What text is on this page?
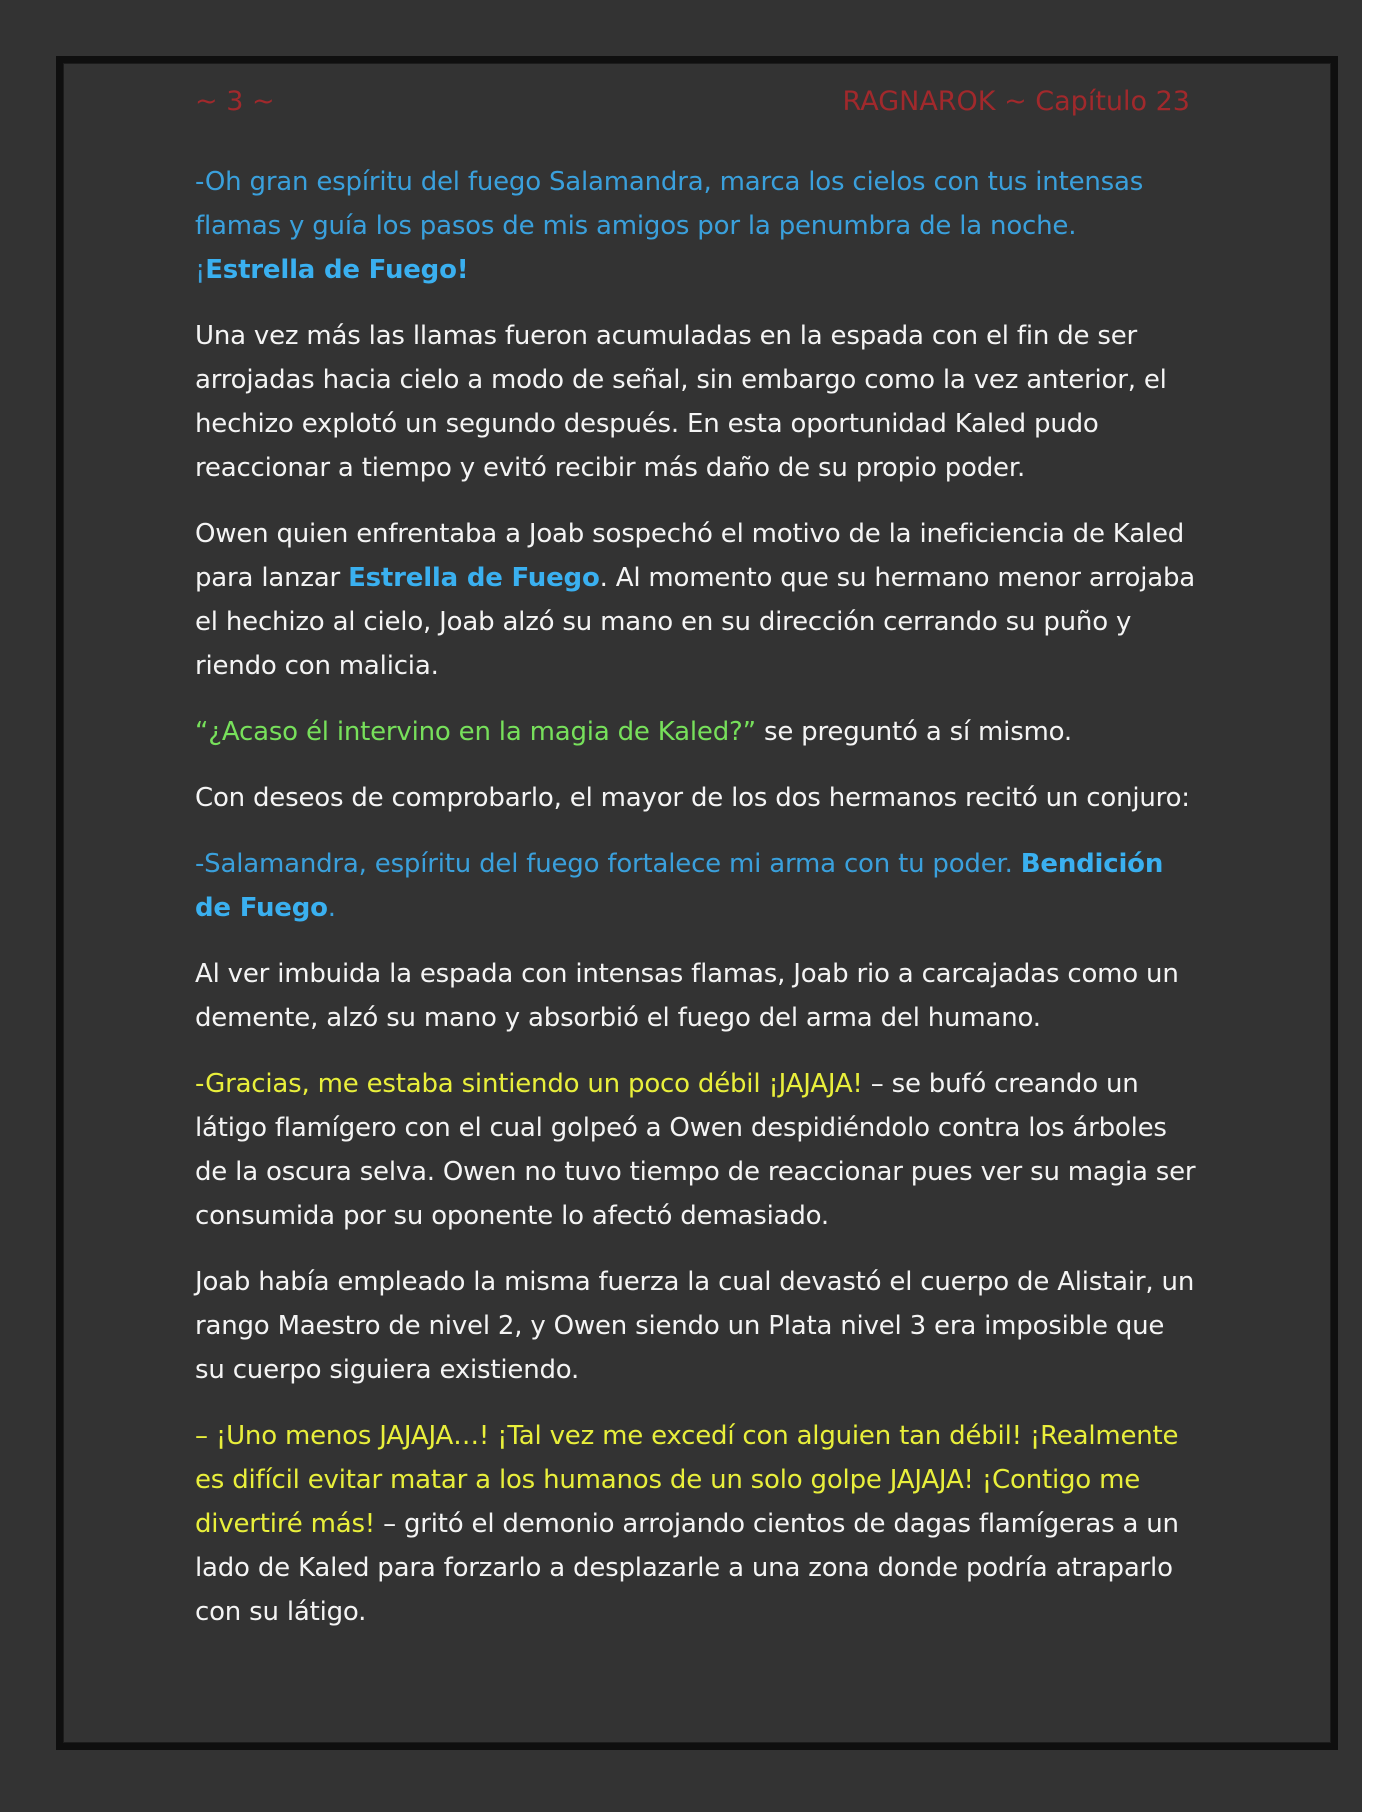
~ 3 ~	RAGNAROK ~ Capítulo 23

-Oh gran espíritu del fuego Salamandra, marca los cielos con tus intensas flamas y guía los pasos de mis amigos por la penumbra de la noche. ¡Estrella de Fuego!

Una vez más las llamas fueron acumuladas en la espada con el fin de ser arrojadas hacia cielo a modo de señal, sin embargo como la vez anterior, el hechizo explotó un segundo después. En esta oportunidad Kaled pudo reaccionar a tiempo y evitó recibir más daño de su propio poder.

Owen quien enfrentaba a Joab sospechó el motivo de la ineficiencia de Kaled para lanzar Estrella de Fuego. Al momento que su hermano menor arrojaba el hechizo al cielo, Joab alzó su mano en su dirección cerrando su puño y riendo con malicia.

“¿Acaso él intervino en la magia de Kaled?” se preguntó a sí mismo.

Con deseos de comprobarlo, el mayor de los dos hermanos recitó un conjuro:

-Salamandra, espíritu del fuego fortalece mi arma con tu poder. Bendición de Fuego.

Al ver imbuida la espada con intensas flamas, Joab rio a carcajadas como un demente, alzó su mano y absorbió el fuego del arma del humano.

-Gracias, me estaba sintiendo un poco débil ¡JAJAJA! – se bufó creando un látigo flamígero con el cual golpeó a Owen despidiéndolo contra los árboles de la oscura selva. Owen no tuvo tiempo de reaccionar pues ver su magia ser consumida por su oponente lo afectó demasiado.

Joab había empleado la misma fuerza la cual devastó el cuerpo de Alistair, un rango Maestro de nivel 2, y Owen siendo un Plata nivel 3 era imposible que su cuerpo siguiera existiendo.

– ¡Uno menos JAJAJA…! ¡Tal vez me excedí con alguien tan débil! ¡Realmente es difícil evitar matar a los humanos de un solo golpe JAJAJA! ¡Contigo me divertiré más! – gritó el demonio arrojando cientos de dagas flamígeras a un lado de Kaled para forzarlo a desplazarle a una zona donde podría atraparlo con su látigo.
